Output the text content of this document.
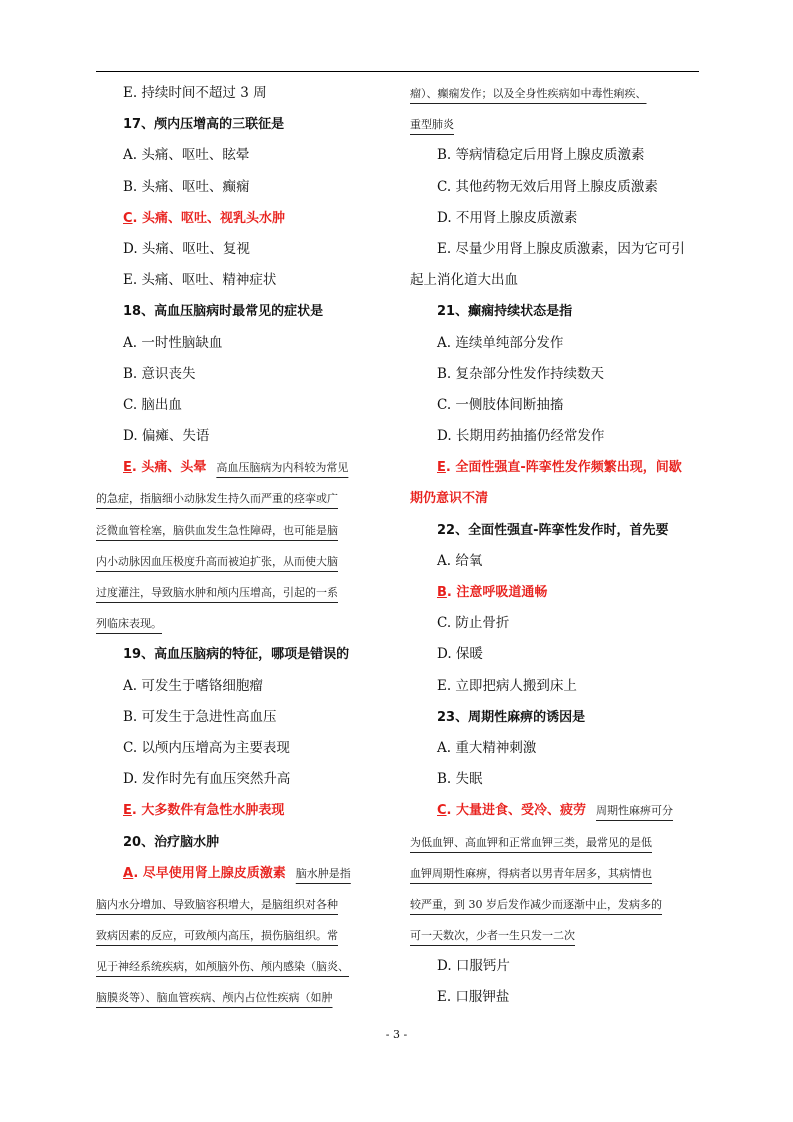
E. 持续时间不超过 3 周
17、颅内压增高的三联征是
A. 头痛、呕吐、眩晕
B. 头痛、呕吐、癫痫
C. 头痛、呕吐、视乳头水肿
D. 头痛、呕吐、复视
E. 头痛、呕吐、精神症状
18、高血压脑病时最常见的症状是
A. 一时性脑缺血
B. 意识丧失
C. 脑出血
D. 偏瘫、失语
E. 头痛、头晕 高血压脑病为内科较为常见
的急症，指脑细小动脉发生持久而严重的痉挛或广
泛微血管栓塞，脑供血发生急性障碍，也可能是脑
内小动脉因血压极度升高而被迫扩张，从而使大脑
过度灌注，导致脑水肿和颅内压增高，引起的一系
列临床表现。
19、高血压脑病的特征，哪项是错误的
A. 可发生于嗜铬细胞瘤
B. 可发生于急进性高血压
C. 以颅内压增高为主要表现
D. 发作时先有血压突然升高
E. 大多数件有急性水肿表现
20、治疗脑水肿
A. 尽早使用肾上腺皮质激素 脑水肿是指
脑内水分增加、导致脑容积增大，是脑组织对各种
致病因素的反应，可致颅内高压，损伤脑组织。常
见于神经系统疾病，如颅脑外伤、颅内感染（脑炎、
脑膜炎等）、脑血管疾病、颅内占位性疾病（如肿
瘤）、癫痫发作；以及全身性疾病如中毒性痢疾、
重型肺炎
B. 等病情稳定后用肾上腺皮质激素
C. 其他药物无效后用肾上腺皮质激素
D. 不用肾上腺皮质激素
E. 尽量少用肾上腺皮质激素，因为它可引
起上消化道大出血
21、癫痫持续状态是指
A. 连续单纯部分发作
B. 复杂部分性发作持续数天
C. 一侧肢体间断抽搐
D. 长期用药抽搐仍经常发作
E. 全面性强直-阵挛性发作频繁出现，间歇
期仍意识不清
22、全面性强直-阵挛性发作时，首先要
A. 给氧
B. 注意呼吸道通畅
C. 防止骨折
D. 保暖
E. 立即把病人搬到床上
23、周期性麻痹的诱因是
A. 重大精神刺激
B. 失眠
C. 大量进食、受冷、疲劳 周期性麻痹可分
为低血钾、高血钾和正常血钾三类，最常见的是低
血钾周期性麻痹，得病者以男青年居多，其病情也
较严重，到 30 岁后发作减少而逐渐中止，发病多的
可一天数次，少者一生只发一二次
D. 口服钙片
E. 口服钾盐
- 3 -
